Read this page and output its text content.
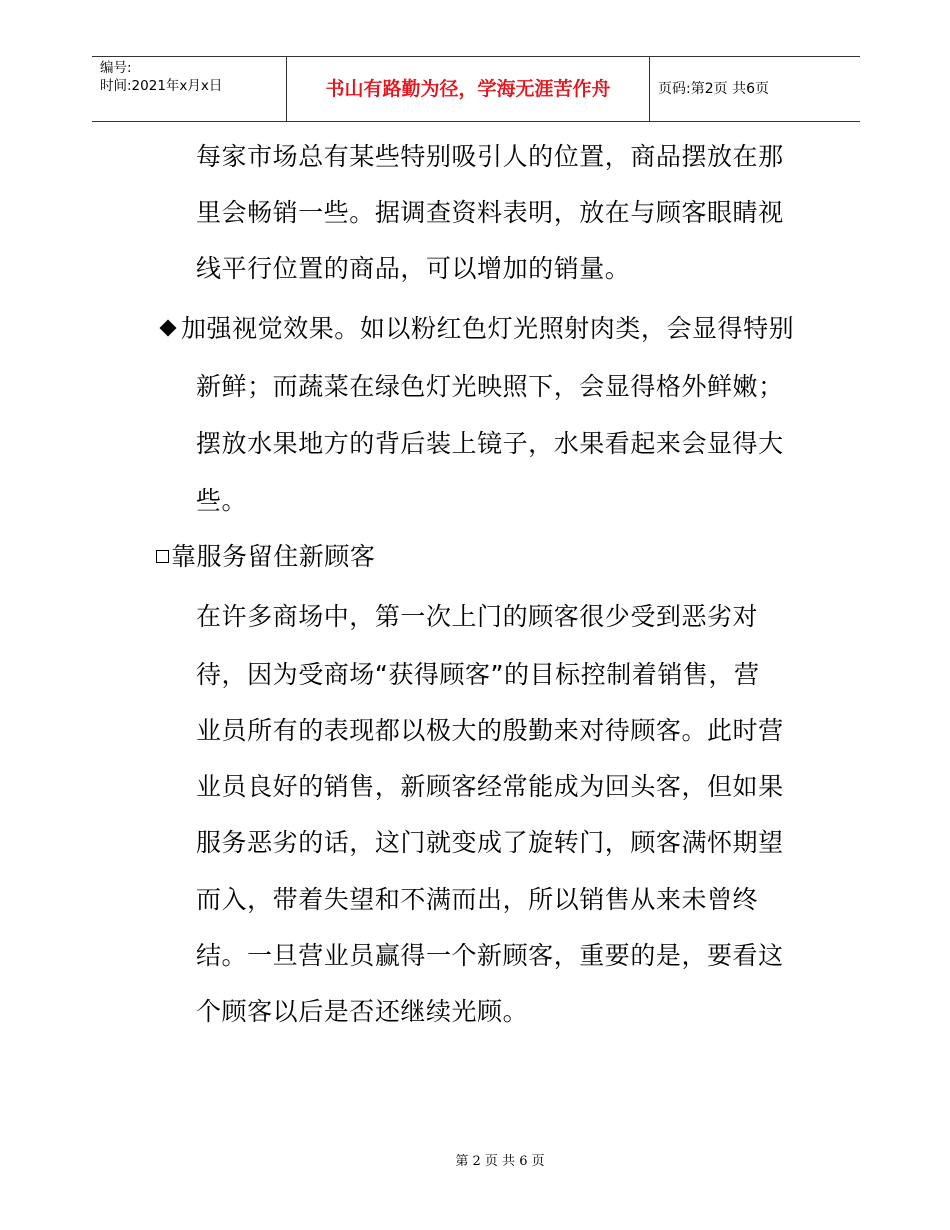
编号:
时间:2021年x月x日	书山有路勤为径，学海无涯苦作舟	页码:第2页 共6页
每家市场总有某些特别吸引人的位置，商品摆放在那
里会畅销一些。据调查资料表明，放在与顾客眼睛视
线平行位置的商品，可以增加的销量。
加强视觉效果。如以粉红色灯光照射肉类，会显得特别
新鲜；而蔬菜在绿色灯光映照下，会显得格外鲜嫩；
摆放水果地方的背后装上镜子，水果看起来会显得大
些。
靠服务留住新顾客
在许多商场中，第一次上门的顾客很少受到恶劣对
待，因为受商场“获得顾客”的目标控制着销售，营
业员所有的表现都以极大的殷勤来对待顾客。此时营
业员良好的销售，新顾客经常能成为回头客，但如果
服务恶劣的话，这门就变成了旋转门，顾客满怀期望
而入，带着失望和不满而出，所以销售从来未曾终
结。一旦营业员赢得一个新顾客，重要的是，要看这
个顾客以后是否还继续光顾。
第 2 页 共 6 页
